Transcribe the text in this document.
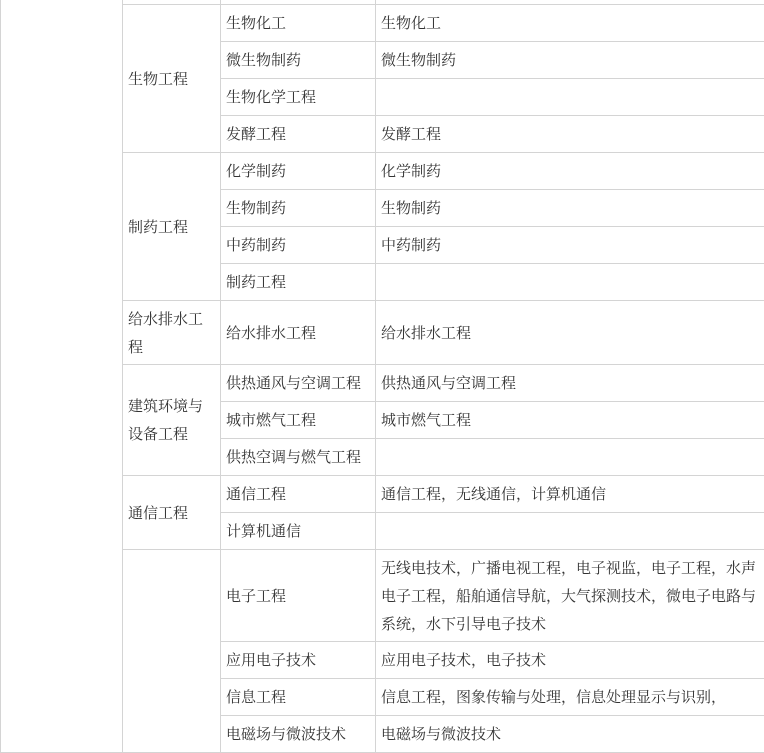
	生物工程	生物化工	生物化工
		微生物制药	微生物制药
		生物化学工程	
		发酵工程	发酵工程
	制药工程	化学制药	化学制药
		生物制药	生物制药
		中药制药	中药制药
		制药工程	
	给水排水工程	给水排水工程	给水排水工程
	建筑环境与设备工程	供热通风与空调工程	供热通风与空调工程
		城市燃气工程	城市燃气工程
		供热空调与燃气工程	
	通信工程	通信工程	通信工程，无线通信，计算机通信
		计算机通信	
		电子工程	无线电技术，广播电视工程，电子视监，电子工程，水声电子工程，船舶通信导航，大气探测技术，微电子电路与系统，水下引导电子技术
		应用电子技术	应用电子技术，电子技术
		信息工程	信息工程，图象传输与处理，信息处理显示与识别，
		电磁场与微波技术	电磁场与微波技术
